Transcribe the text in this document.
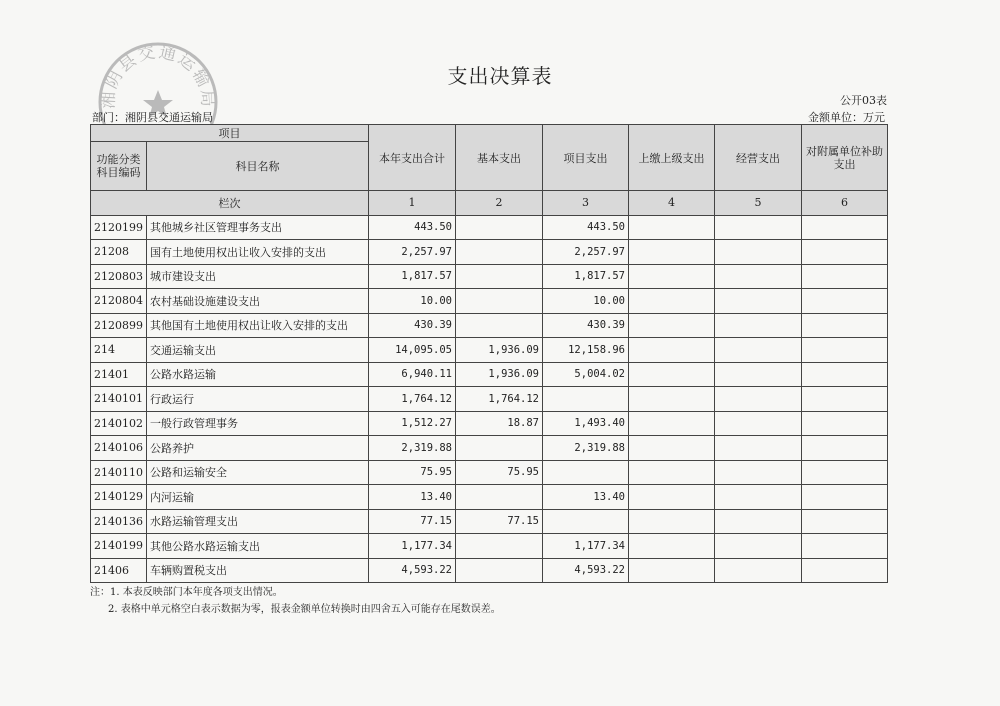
湘阴县交通运输局
支出决算表
公开03表
部门：湘阴县交通运输局	金额单位：万元
项目		本年支出合计	基本支出	项目支出	上缴上级支出	经营支出	对附属单位补助支出
功能分类科目编码	科目名称						
栏次		1	2	3	4	5	6
2120199	其他城乡社区管理事务支出	443.50		443.50			
21208	国有土地使用权出让收入安排的支出	2,257.97		2,257.97			
2120803	城市建设支出	1,817.57		1,817.57			
2120804	农村基础设施建设支出	10.00		10.00			
2120899	其他国有土地使用权出让收入安排的支出	430.39		430.39			
214	交通运输支出	14,095.05	1,936.09	12,158.96			
21401	公路水路运输	6,940.11	1,936.09	5,004.02			
2140101	行政运行	1,764.12	1,764.12				
2140102	一般行政管理事务	1,512.27	18.87	1,493.40			
2140106	公路养护	2,319.88		2,319.88			
2140110	公路和运输安全	75.95	75.95				
2140129	内河运输	13.40		13.40			
2140136	水路运输管理支出	77.15	77.15				
2140199	其他公路水路运输支出	1,177.34		1,177.34			
21406	车辆购置税支出	4,593.22		4,593.22			
注：1. 本表反映部门本年度各项支出情况。
2. 表格中单元格空白表示数据为零，报表金额单位转换时由四舍五入可能存在尾数误差。
